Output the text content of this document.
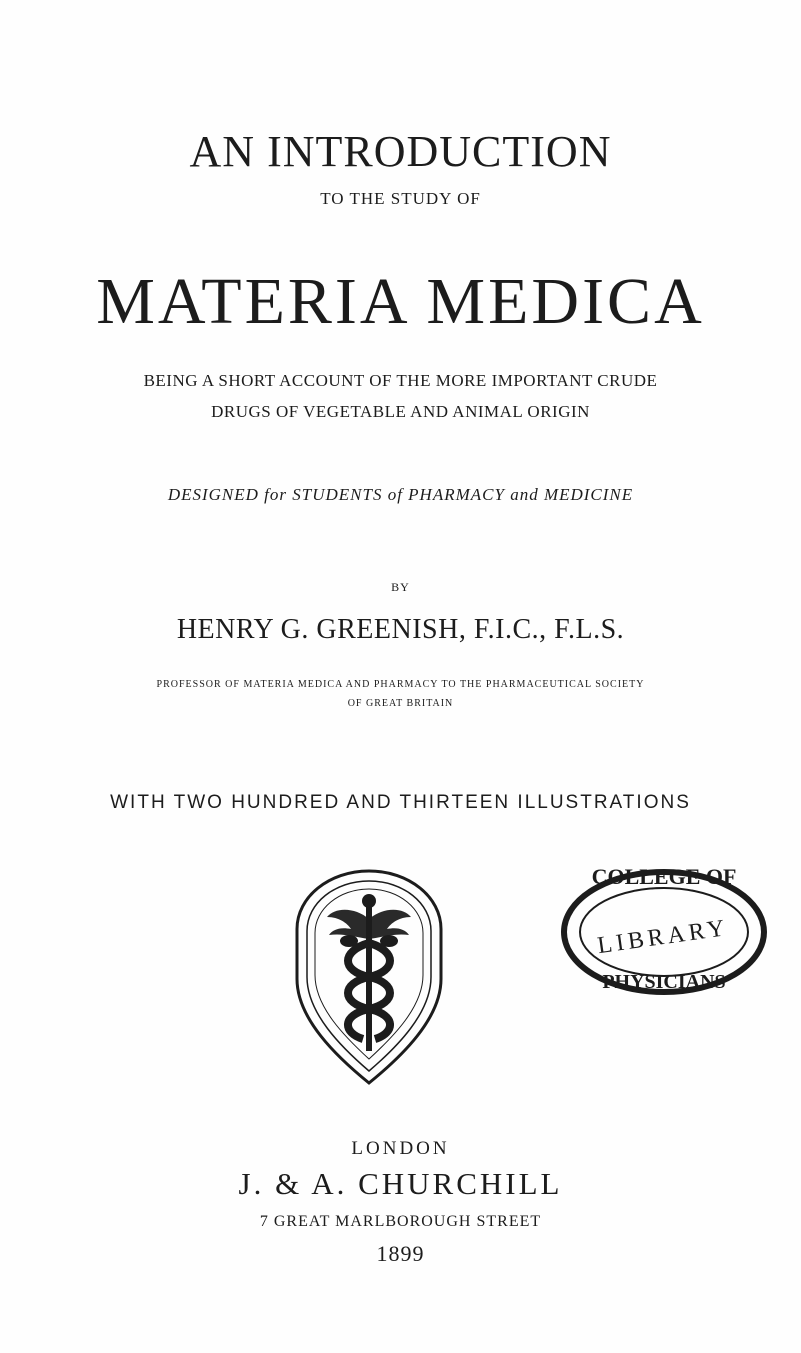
AN INTRODUCTION
TO THE STUDY OF
MATERIA MEDICA
BEING A SHORT ACCOUNT OF THE MORE IMPORTANT CRUDE
DRUGS OF VEGETABLE AND ANIMAL ORIGIN
DESIGNED for STUDENTS of PHARMACY and MEDICINE
BY
HENRY G. GREENISH, F.I.C., F.L.S.
PROFESSOR OF MATERIA MEDICA AND PHARMACY TO THE PHARMACEUTICAL SOCIETY
OF GREAT BRITAIN
WITH TWO HUNDRED AND THIRTEEN ILLUSTRATIONS
COLLEGE OF
LIBRARY
PHYSICIANS
LONDON
J. & A. CHURCHILL
7 GREAT MARLBOROUGH STREET
1899
